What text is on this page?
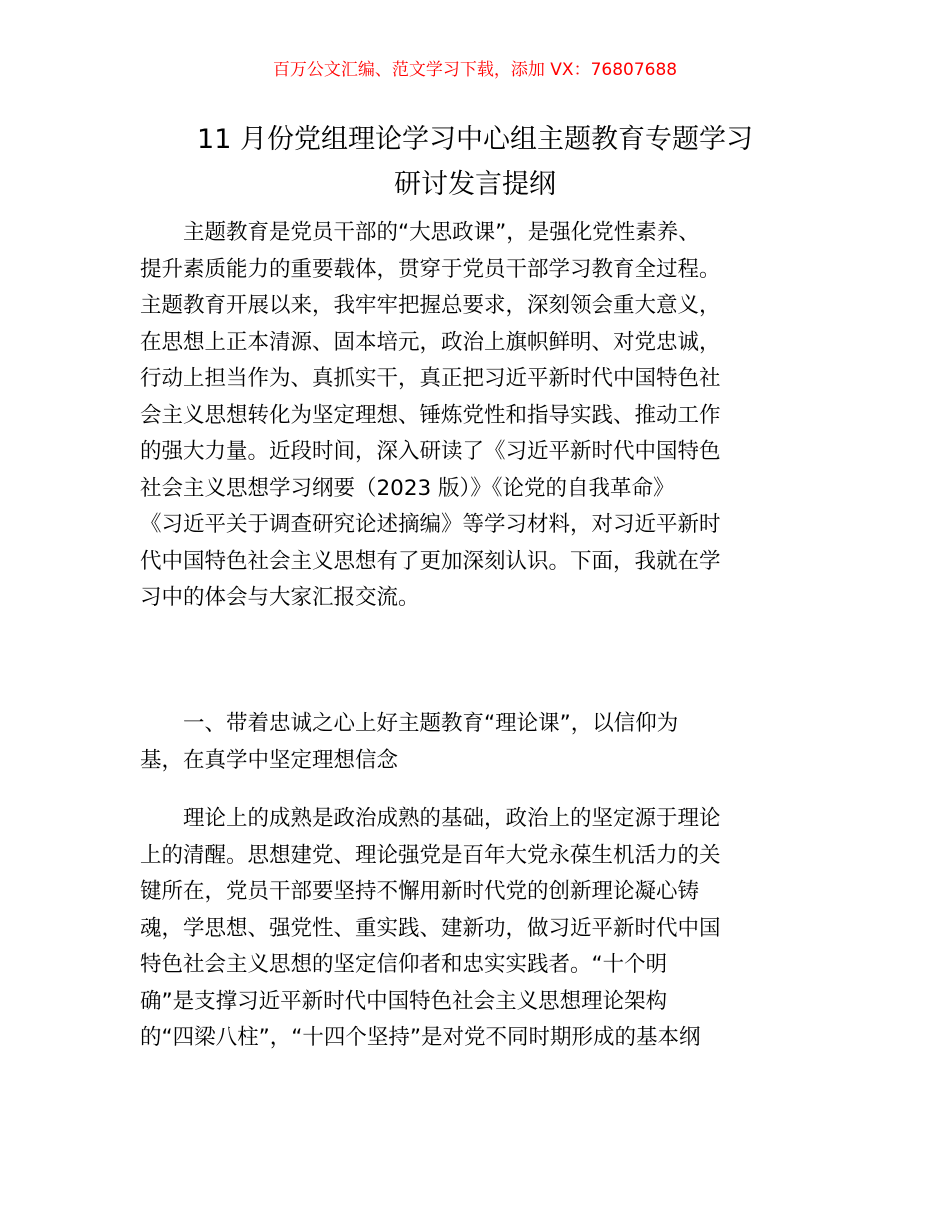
百万公文汇编、范文学习下载，添加 VX：76807688
11 月份党组理论学习中心组主题教育专题学习
研讨发言提纲
主题教育是党员干部的“大思政课”，是强化党性素养、
提升素质能力的重要载体，贯穿于党员干部学习教育全过程。
主题教育开展以来，我牢牢把握总要求，深刻领会重大意义，
在思想上正本清源、固本培元，政治上旗帜鲜明、对党忠诚，
行动上担当作为、真抓实干，真正把习近平新时代中国特色社
会主义思想转化为坚定理想、锤炼党性和指导实践、推动工作
的强大力量。近段时间，深入研读了《习近平新时代中国特色
社会主义思想学习纲要（2023 版）》《论党的自我革命》
《习近平关于调查研究论述摘编》等学习材料，对习近平新时
代中国特色社会主义思想有了更加深刻认识。下面，我就在学
习中的体会与大家汇报交流。
一、带着忠诚之心上好主题教育“理论课”，以信仰为
基，在真学中坚定理想信念
理论上的成熟是政治成熟的基础，政治上的坚定源于理论
上的清醒。思想建党、理论强党是百年大党永葆生机活力的关
键所在，党员干部要坚持不懈用新时代党的创新理论凝心铸
魂，学思想、强党性、重实践、建新功，做习近平新时代中国
特色社会主义思想的坚定信仰者和忠实实践者。“十个明
确”是支撑习近平新时代中国特色社会主义思想理论架构
的“四梁八柱”，“十四个坚持”是对党不同时期形成的基本纲
